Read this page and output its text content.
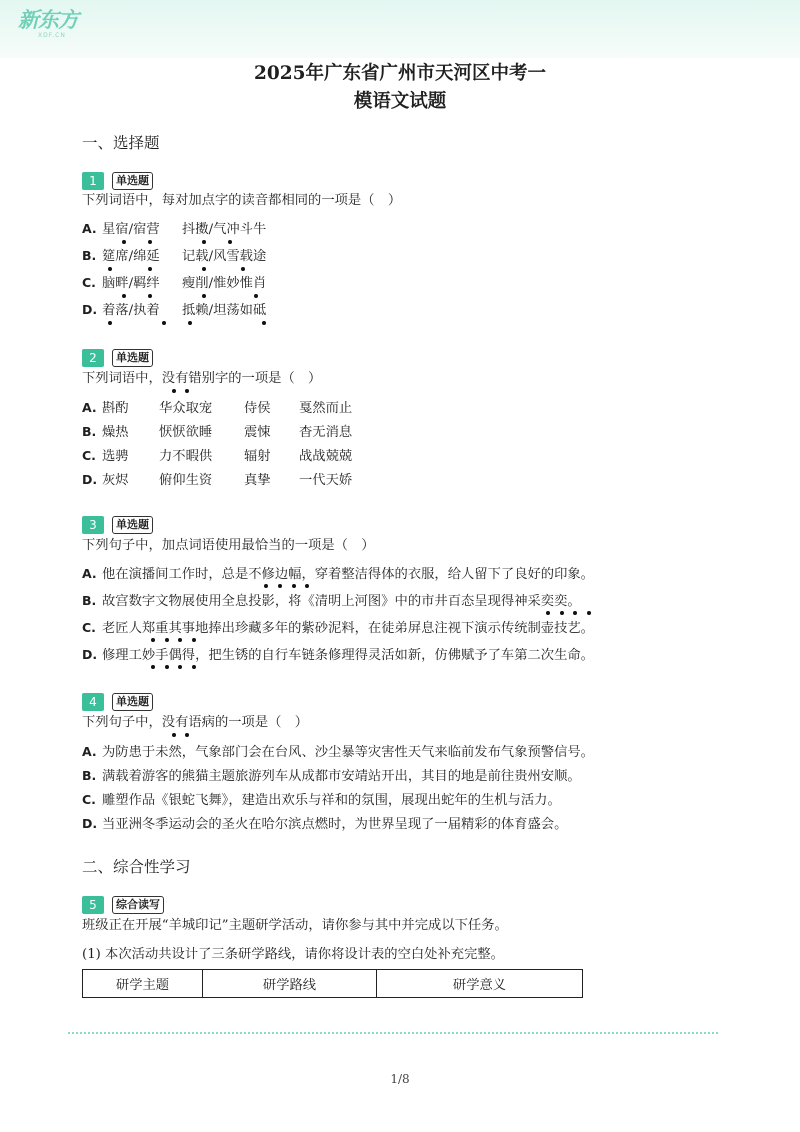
新东方
XDF.CN
2025年广东省广州市天河区中考一
模语文试题
一、选择题
1	单选题
下列词语中，每对加点字的读音都相同的一项是（　）
A. 星宿/宿营 抖擞/气冲斗牛
B. 筵席/绵延 记载/风雪载途
C. 脑畔/羁绊 瘦削/惟妙惟肖
D. 着落/执着 抵赖/坦荡如砥
2	单选题
下列词语中，没有错别字的一项是（　）
A. 斟酌 华众取宠 侍侯 戛然而止
B. 燥热 恹恹欲睡 震悚 杳无消息
C. 选骋 力不暇供 辐射 战战兢兢
D. 灰烬 俯仰生资 真挚 一代天娇
3	单选题
下列句子中，加点词语使用最恰当的一项是（　）
A. 他在演播间工作时，总是不修边幅，穿着整洁得体的衣服，给人留下了良好的印象。
B. 故宫数字文物展使用全息投影，将《清明上河图》中的市井百态呈现得神采奕奕。
C. 老匠人郑重其事地捧出珍藏多年的紫砂泥料，在徒弟屏息注视下演示传统制壶技艺。
D. 修理工妙手偶得，把生锈的自行车链条修理得灵活如新，仿佛赋予了车第二次生命。
4	单选题
下列句子中，没有语病的一项是（　）
A. 为防患于未然，气象部门会在台风、沙尘暴等灾害性天气来临前发布气象预警信号。
B. 满载着游客的熊猫主题旅游列车从成都市安靖站开出，其目的地是前往贵州安顺。
C. 雕塑作品《银蛇飞舞》，建造出欢乐与祥和的氛围，展现出蛇年的生机与活力。
D. 当亚洲冬季运动会的圣火在哈尔滨点燃时，为世界呈现了一届精彩的体育盛会。
二、综合性学习
5	综合读写
班级正在开展“羊城印记”主题研学活动，请你参与其中并完成以下任务。
(1) 本次活动共设计了三条研学路线，请你将设计表的空白处补充完整。
研学主题	研学路线	研学意义
1/8
